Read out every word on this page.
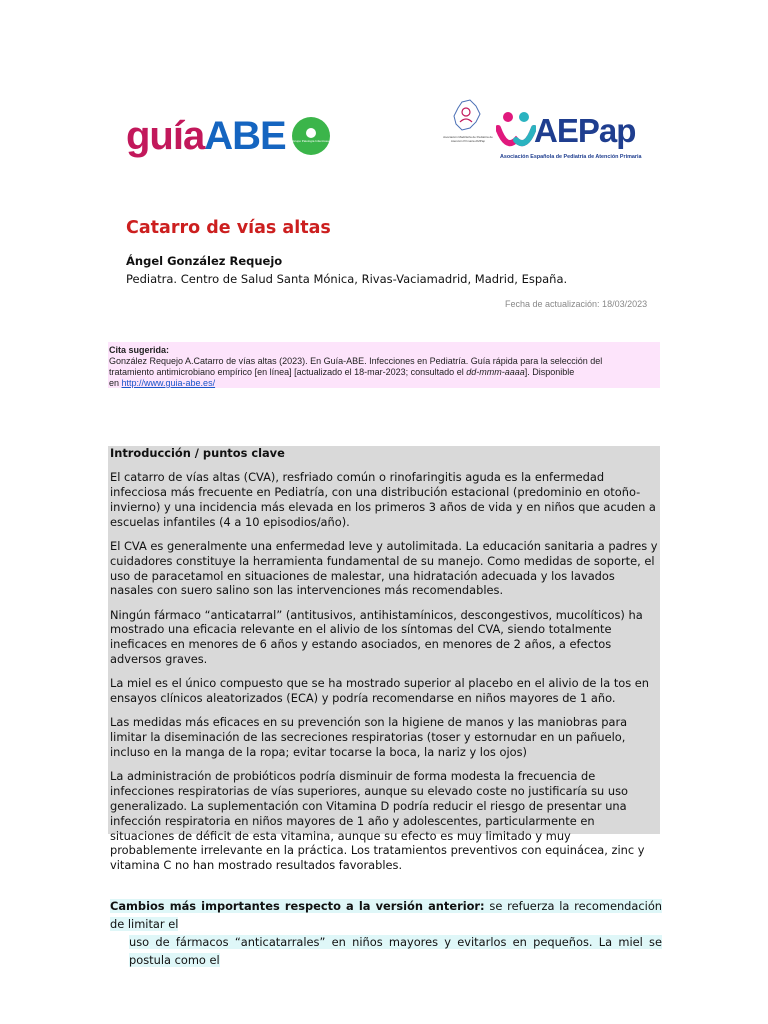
guíaABE Grupo Patología Infecciosa
Asociación Madrileña de Pediatría de Atención Primaria AMPap	AEPap
Asociación Española de Pediatría de Atención Primaria
Catarro de vías altas
Ángel González Requejo
Pediatra. Centro de Salud Santa Mónica, Rivas-Vaciamadrid, Madrid, España.
Fecha de actualización: 18/03/2023
Cita sugerida:
González Requejo A.Catarro de vías altas (2023). En Guía-ABE. Infecciones en Pediatría. Guía rápida para la selección del
tratamiento antimicrobiano empírico [en línea] [actualizado el 18-mar-2023; consultado el dd-mmm-aaaa]. Disponible
en http://www.guia-abe.es/
Introducción / puntos clave

El catarro de vías altas (CVA), resfriado común o rinofaringitis aguda es la enfermedad infecciosa más frecuente en Pediatría, con una distribución estacional (predominio en otoño-invierno) y una incidencia más elevada en los primeros 3 años de vida y en niños que acuden a escuelas infantiles (4 a 10 episodios/año).

El CVA es generalmente una enfermedad leve y autolimitada. La educación sanitaria a padres y cuidadores constituye la herramienta fundamental de su manejo. Como medidas de soporte, el uso de paracetamol en situaciones de malestar, una hidratación adecuada y los lavados nasales con suero salino son las intervenciones más recomendables.

Ningún fármaco “anticatarral” (antitusivos, antihistamínicos, descongestivos, mucolíticos) ha mostrado una eficacia relevante en el alivio de los síntomas del CVA, siendo totalmente ineficaces en menores de 6 años y estando asociados, en menores de 2 años, a efectos adversos graves.

La miel es el único compuesto que se ha mostrado superior al placebo en el alivio de la tos en ensayos clínicos aleatorizados (ECA) y podría recomendarse en niños mayores de 1 año.

Las medidas más eficaces en su prevención son la higiene de manos y las maniobras para limitar la diseminación de las secreciones respiratorias (toser y estornudar en un pañuelo, incluso en la manga de la ropa; evitar tocarse la boca, la nariz y los ojos)

La administración de probióticos podría disminuir de forma modesta la frecuencia de infecciones respiratorias de vías superiores, aunque su elevado coste no justificaría su uso generalizado. La suplementación con Vitamina D podría reducir el riesgo de presentar una infección respiratoria en niños mayores de 1 año y adolescentes, particularmente en situaciones de déficit de esta vitamina, aunque su efecto es muy limitado y muy probablemente irrelevante en la práctica. Los tratamientos preventivos con equinácea, zinc y vitamina C no han mostrado resultados favorables.

Cambios más importantes respecto a la versión anterior: se refuerza la recomendación de limitar el
uso de fármacos “anticatarrales” en niños mayores y evitarlos en pequeños. La miel se postula como el
